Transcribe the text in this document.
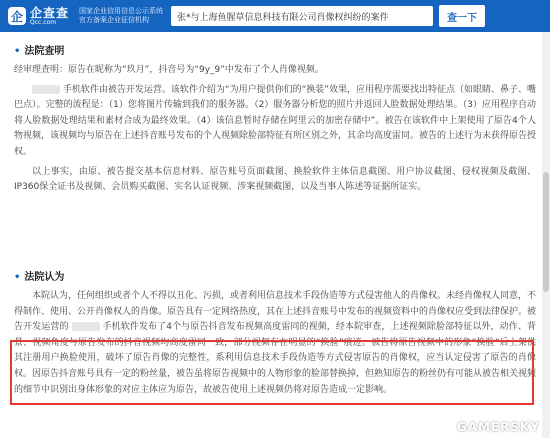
企 企查查
Qcc.com
国家企业信用信息公示系统
官方备案企业征信机构
张*与上海鱼腥草信息科技有限公司肖像权纠纷的案件	查一下
• 法院查明

经审理查明：原告在昵称为“玖月”，抖音号为“9y_9”中发布了个人肖像视频。

手机软件由被告开发运营。该软件介绍为“为用户提供你们的“换装”效果，应用程序需要找出特征点（如眼睛、鼻子、嘴巴点）。完整的流程是：（1）您将图片传输到我们的服务器。（2）服务器分析您的照片并返回人脸数据处理结果。（3）应用程序自动将人脸数据处理结果和素材合成为最终效果。（4）该信息暂时存储在阿里云的加密存储中”。被告在该软件中上架使用了原告4个人物视频，该视频均与原告在上述抖音账号发布的个人视频除脸部特征有所区别之外，其余均高度雷同。被告的上述行为未获得原告授权。

以上事实，由原、被告提交基本信息材料、原告账号页面截图、换脸软件主体信息截图、用户协议截图、侵权视频及截图、IP360保全证书及视频、会员购买截图、实名认证视频、涉案视频截图，以及当事人陈述等证据所证实。

• 法院认为

本院认为，任何组织或者个人不得以丑化、污损，或者利用信息技术手段伪造等方式侵害他人的肖像权。未经肖像权人同意，不得制作、使用、公开肖像权人的肖像。原告具有一定网络热度，其在上述抖音账号中发布的视频资料中的肖像权应受到法律保护。被告开发运营的	手机软件发布了4个与原告抖音发布视频高度雷同的视频，经本院审查，上述视频除脸部特征以外，动作、背景、视频角度与原告发布的抖音视频均高度雷同一致，部分视频存在明显的“换脸”痕迹。被告将原告视频中的形象“换脸”后上架供其注册用户换脸使用，破坏了原告肖像的完整性，系利用信息技术手段伪造等方式侵害原告的肖像权，应当认定侵害了原告的肖像权。因原告抖音账号具有一定的粉丝量，被告虽将原告视频中的人物形象的脸部替换掉，但熟知原告的粉丝仍有可能从被告相关视频的细节中识别出身体形象的对应主体应为原告，故被告使用上述视频仍将对原告造成一定影响。

GAMERSKY
